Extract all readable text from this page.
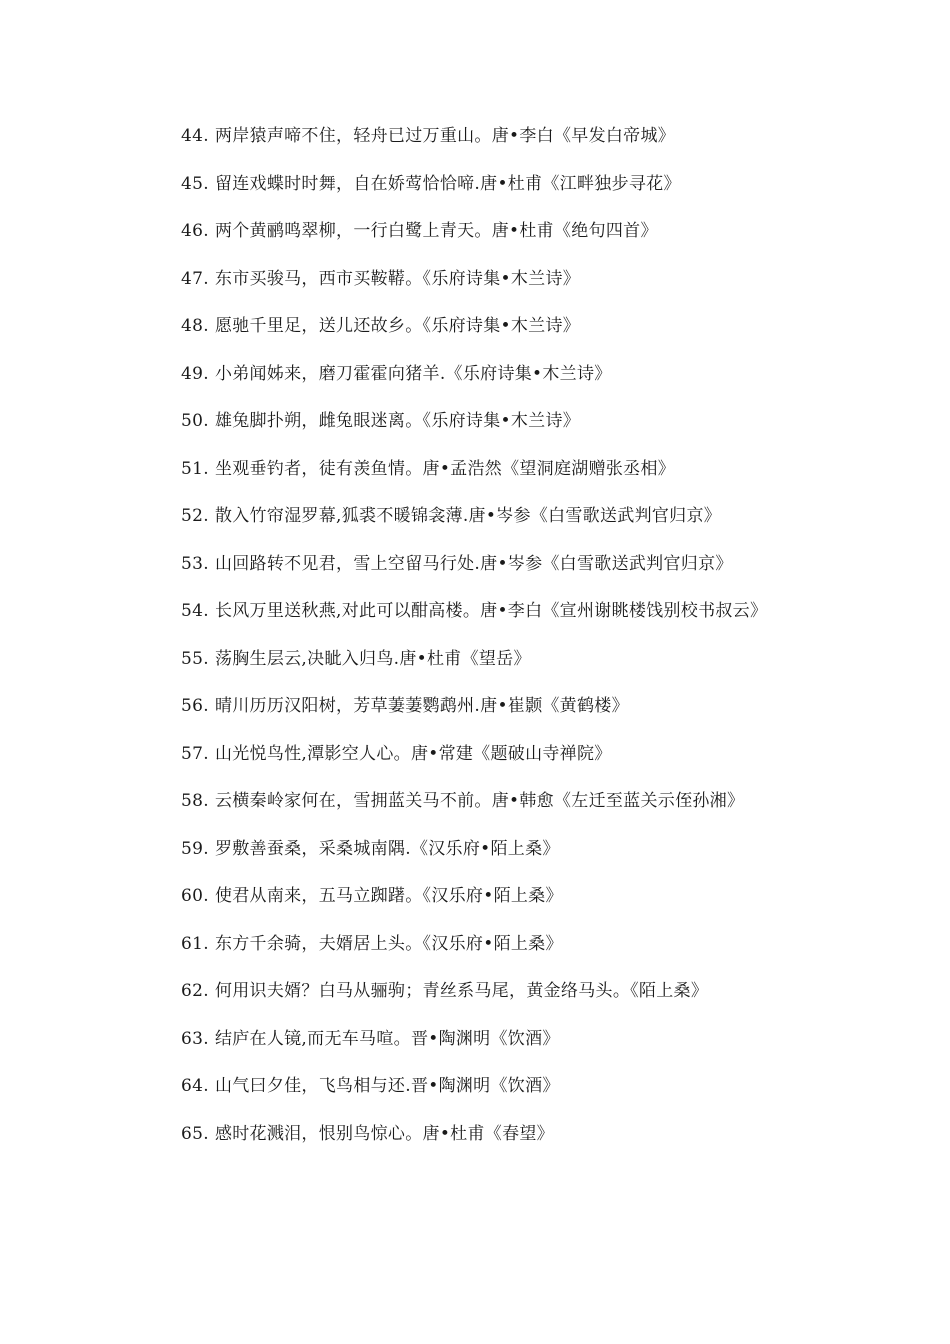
44. 两岸猿声啼不住，轻舟已过万重山。唐•李白《早发白帝城》

45. 留连戏蝶时时舞，自在娇莺恰恰啼.唐•杜甫《江畔独步寻花》

46. 两个黄鹂鸣翠柳，一行白鹭上青天。唐•杜甫《绝句四首》

47. 东市买骏马，西市买鞍鞯。《乐府诗集•木兰诗》

48. 愿驰千里足，送儿还故乡。《乐府诗集•木兰诗》

49. 小弟闻姊来，磨刀霍霍向猪羊.《乐府诗集•木兰诗》

50. 雄兔脚扑朔，雌兔眼迷离。《乐府诗集•木兰诗》

51. 坐观垂钓者，徒有羡鱼情。唐•孟浩然《望洞庭湖赠张丞相》

52. 散入竹帘湿罗幕,狐裘不暖锦衾薄.唐•岑参《白雪歌送武判官归京》

53. 山回路转不见君，雪上空留马行处.唐•岑参《白雪歌送武判官归京》

54. 长风万里送秋燕,对此可以酣高楼。唐•李白《宣州谢眺楼饯别校书叔云》

55. 荡胸生层云,决眦入归鸟.唐•杜甫《望岳》

56. 晴川历历汉阳树，芳草萋萋鹦鹉州.唐•崔颢《黄鹤楼》

57. 山光悦鸟性,潭影空人心。唐•常建《题破山寺禅院》

58. 云横秦岭家何在，雪拥蓝关马不前。唐•韩愈《左迁至蓝关示侄孙湘》

59. 罗敷善蚕桑，采桑城南隅.《汉乐府•陌上桑》

60. 使君从南来，五马立踟躇。《汉乐府•陌上桑》

61. 东方千余骑，夫婿居上头。《汉乐府•陌上桑》

62. 何用识夫婿？白马从骊驹；青丝系马尾，黄金络马头。《陌上桑》

63. 结庐在人镜,而无车马喧。晋•陶渊明《饮酒》

64. 山气曰夕佳，飞鸟相与还.晋•陶渊明《饮酒》

65. 感时花溅泪，恨别鸟惊心。唐•杜甫《春望》
